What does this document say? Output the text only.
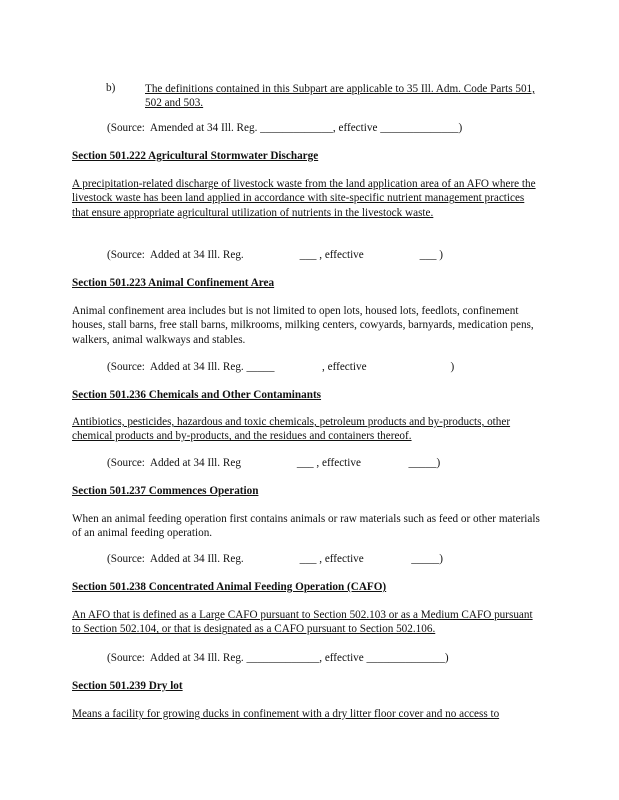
b)	The definitions contained in this Subpart are applicable to 35 Ill. Adm. Code Parts 501, 502 and 503.
(Source:  Amended at 34 Ill. Reg. _____________, effective ______________)
Section 501.222 Agricultural Stormwater Discharge
A precipitation-related discharge of livestock waste from the land application area of an AFO where the livestock waste has been land applied in accordance with site-specific nutrient management practices that ensure appropriate agricultural utilization of nutrients in the livestock waste.
(Source:  Added at 34 Ill. Reg.                    ___ , effective                    ___ )
Section 501.223 Animal Confinement Area
Animal confinement area includes but is not limited to open lots, housed lots, feedlots, confinement houses, stall barns, free stall barns, milkrooms, milking centers, cowyards, barnyards, medication pens, walkers, animal walkways and stables.
(Source:  Added at 34 Ill. Reg. _____                 , effective                              )
Section 501.236 Chemicals and Other Contaminants
Antibiotics, pesticides, hazardous and toxic chemicals, petroleum products and by-products, other chemical products and by-products, and the residues and containers thereof.
(Source:  Added at 34 Ill. Reg                    ___ , effective                 _____)
Section 501.237 Commences Operation
When an animal feeding operation first contains animals or raw materials such as feed or other materials of an animal feeding operation.
(Source:  Added at 34 Ill. Reg.                    ___ , effective                 _____)
Section 501.238 Concentrated Animal Feeding Operation (CAFO)
An AFO that is defined as a Large CAFO pursuant to Section 502.103 or as a Medium CAFO pursuant to Section 502.104, or that is designated as a CAFO pursuant to Section 502.106.
(Source:  Added at 34 Ill. Reg. _____________, effective ______________)
Section 501.239 Dry lot
Means a facility for growing ducks in confinement with a dry litter floor cover and no access to
